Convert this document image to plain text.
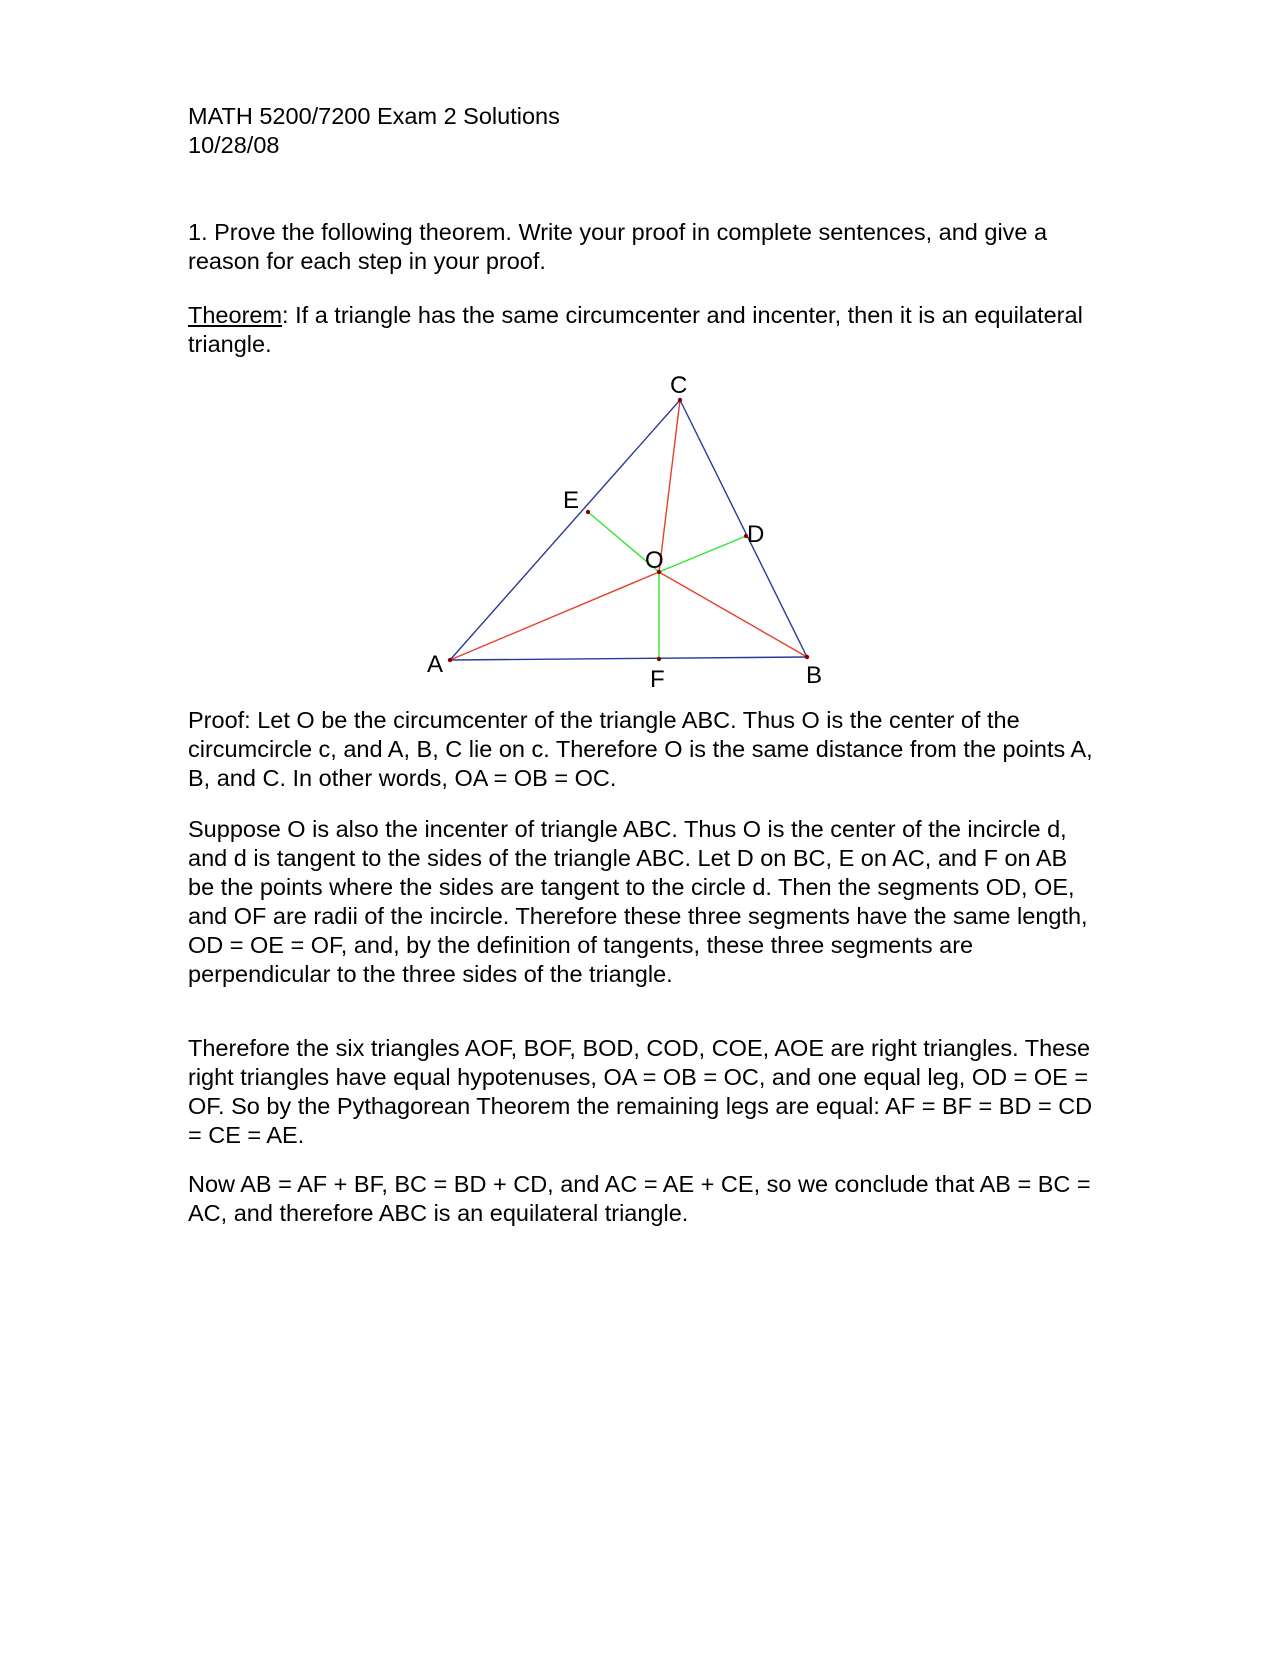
MATH 5200/7200 Exam 2 Solutions
10/28/08

1. Prove the following theorem. Write your proof in complete sentences, and give a reason for each step in your proof.

Theorem: If a triangle has the same circumcenter and incenter, then it is an equilateral triangle.

A	B
C
D
E
F
O

Proof: Let O be the circumcenter of the triangle ABC. Thus O is the center of the circumcircle c, and A, B, C lie on c. Therefore O is the same distance from the points A, B, and C. In other words, OA = OB = OC.

Suppose O is also the incenter of triangle ABC. Thus O is the center of the incircle d, and d is tangent to the sides of the triangle ABC. Let D on BC, E on AC, and F on AB be the points where the sides are tangent to the circle d. Then the segments OD, OE, and OF are radii of the incircle. Therefore these three segments have the same length, OD = OE = OF, and, by the definition of tangents, these three segments are perpendicular to the three sides of the triangle.

Therefore the six triangles AOF, BOF, BOD, COD, COE, AOE are right triangles. These right triangles have equal hypotenuses, OA = OB = OC, and one equal leg, OD = OE = OF. So by the Pythagorean Theorem the remaining legs are equal: AF = BF = BD = CD = CE = AE.

Now AB = AF + BF, BC = BD + CD, and AC = AE + CE, so we conclude that AB = BC = AC, and therefore ABC is an equilateral triangle.
